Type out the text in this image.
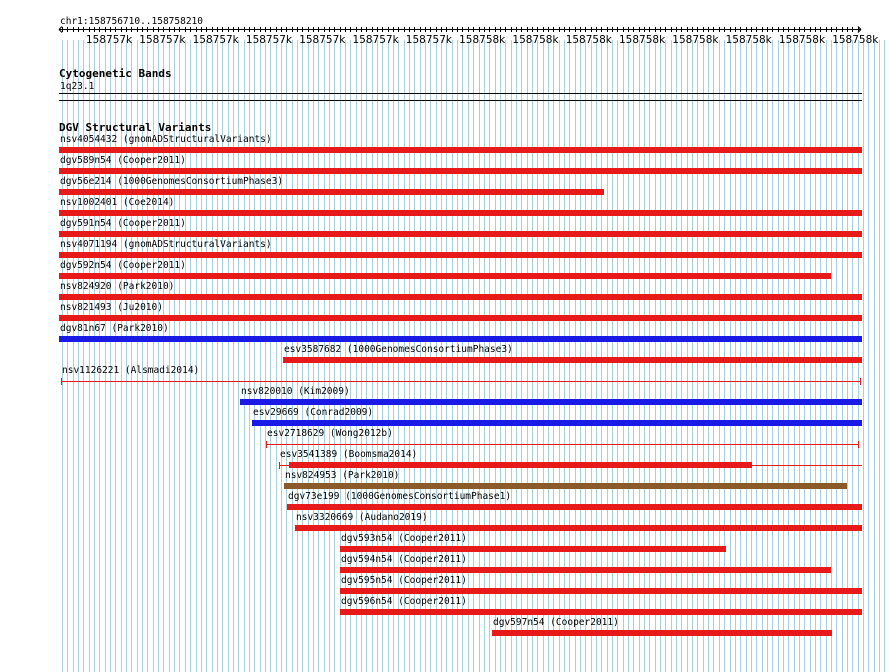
chr1:158756710..158758210
158757k 158757k 158757k 158757k 158757k 158757k 158757k 158758k 158758k 158758k 158758k 158758k 158758k 158758k 158758k
Cytogenetic Bands
1q23.1
DGV Structural Variants
nsv4054432 (gnomADStructuralVariants)
dgv589n54 (Cooper2011)
dgv56e214 (1000GenomesConsortiumPhase3)
nsv1002401 (Coe2014)
dgv591n54 (Cooper2011)
nsv4071194 (gnomADStructuralVariants)
dgv592n54 (Cooper2011)
nsv824920 (Park2010)
nsv821493 (Ju2010)
dgv81n67 (Park2010)
esv3587682 (1000GenomesConsortiumPhase3)
nsv1126221 (Alsmadi2014)
nsv820010 (Kim2009)
esv29669 (Conrad2009)
esv2718629 (Wong2012b)
esv3541389 (Boomsma2014)
nsv824953 (Park2010)
dgv73e199 (1000GenomesConsortiumPhase1)
nsv3320669 (Audano2019)
dgv593n54 (Cooper2011)
dgv594n54 (Cooper2011)
dgv595n54 (Cooper2011)
dgv596n54 (Cooper2011)
dgv597n54 (Cooper2011)
